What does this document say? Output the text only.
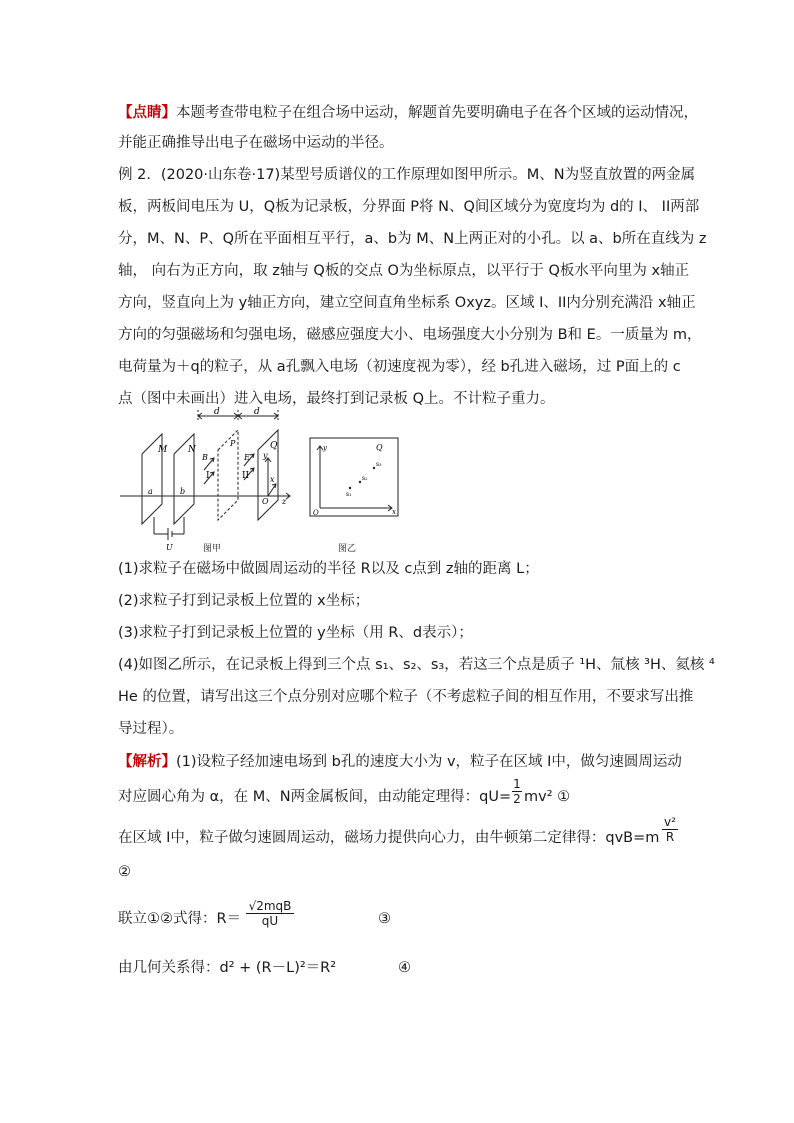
【点睛】本题考查带电粒子在组合场中运动，解题首先要明确电子在各个区域的运动情况，
并能正确推导出电子在磁场中运动的半径。
例 2．(2020·山东卷·17)某型号质谱仪的工作原理如图甲所示。M、N为竖直放置的两金属
板，两板间电压为 U，Q板为记录板，分界面 P将 N、Q间区域分为宽度均为 d的 I、 II两部
分，M、N、P、Q所在平面相互平行，a、b为 M、N上两正对的小孔。以 a、b所在直线为 z
轴， 向右为正方向，取 z轴与 Q板的交点 O为坐标原点，以平行于 Q板水平向里为 x轴正
方向，竖直向上为 y轴正方向，建立空间直角坐标系 Oxyz。区域 I、II内分别充满沿 x轴正
方向的匀强磁场和匀强电场，磁感应强度大小、电场强度大小分别为 B和 E。一质量为 m，
电荷量为＋q的粒子，从 a孔飘入电场（初速度视为零），经 b孔进入磁场，过 P面上的 c
点（图中未画出）进入电场，最终打到记录板 Q上。不计粒子重力。
d	d
M N
P	Q
B	E
I	II
a	b
U
z
x
y
O
图甲
s₃
s₂
s₁
Q
y
x
O
图乙
(1)求粒子在磁场中做圆周运动的半径 R以及 c点到 z轴的距离 L；
(2)求粒子打到记录板上位置的 x坐标；
(3)求粒子打到记录板上位置的 y坐标（用 R、d表示）；
(4)如图乙所示，在记录板上得到三个点 s₁、s₂、s₃，若这三个点是质子 ¹H、氚核 ³H、氦核 ⁴
He 的位置，请写出这三个点分别对应哪个粒子（不考虑粒子间的相互作用，不要求写出推
导过程）。
【解析】(1)设粒子经加速电场到 b孔的速度大小为 v，粒子在区域 I中，做匀速圆周运动
对应圆心角为 α，在 M、N两金属板间，由动能定理得：$qU= \frac{1}{2} mv^2$ ①
在区域 I中，粒子做匀速圆周运动，磁场力提供向心力，由牛顿第二定律得：$qvB=m \frac{\text{v²}}{R}$
②
联立①②式得：R＝
√2mqB
qU	③
由几何关系得：d² + (R－L)²＝R²	④
